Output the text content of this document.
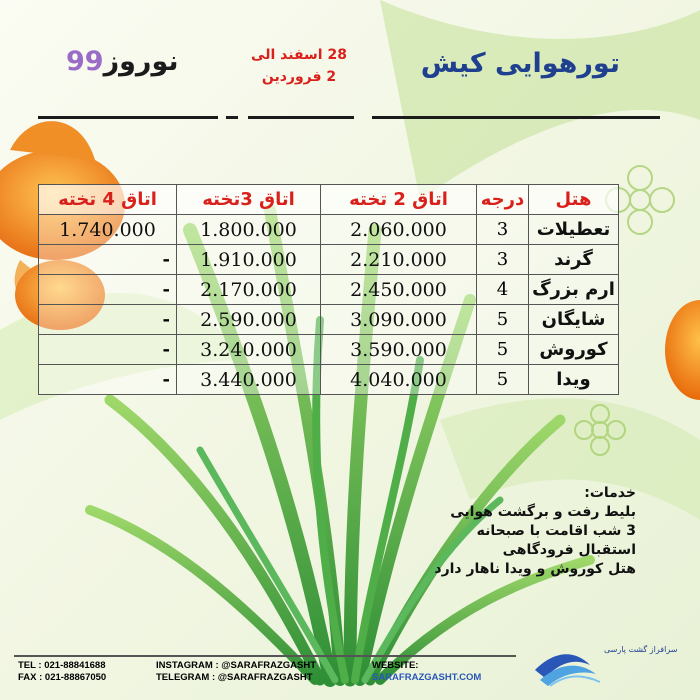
تورهوایی کیش
28 اسفند الی
2 فروردین
99نوروز
اتاق 4 تخته	اتاق 3تخته	اتاق 2 تخته	درجه	هتل
1.740.000	1.800.000	2.060.000	3	تعطیلات
-	1.910.000	2.210.000	3	گرند
-	2.170.000	2.450.000	4	ارم بزرگ
-	2.590.000	3.090.000	5	شایگان
-	3.240.000	3.590.000	5	کوروش
-	3.440.000	4.040.000	5	ویدا
خدمات:
بلیط رفت و برگشت هوایی
3 شب اقامت با صبحانه
استقبال فرودگاهی
هتل کوروش و ویدا ناهار دارد
TEL : 021-88841688
FAX : 021-88867050
INSTAGRAM : @SARAFRAZGASHT
TELEGRAM : @SARAFRAZGASHT
WEBSITE:
SARAFRAZGASHT.COM
سرافراز گشت پارسی
